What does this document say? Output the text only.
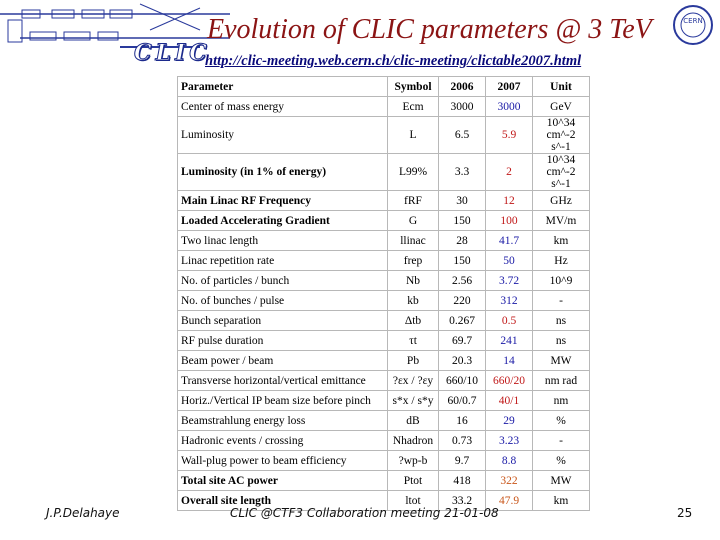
CLIC
Evolution of CLIC parameters @ 3 TeV
http://clic-meeting.web.cern.ch/clic-meeting/clictable2007.html
CERN
Parameter	Symbol	2006	2007	Unit
Center of mass energy	Ecm	3000	3000	GeV
Luminosity	L	6.5	5.9	10^34 cm^-2 s^-1
Luminosity (in 1% of energy)	L99%	3.3	2	10^34 cm^-2 s^-1
Main Linac RF Frequency	fRF	30	12	GHz
Loaded Accelerating Gradient	G	150	100	MV/m
Two linac length	llinac	28	41.7	km
Linac repetition rate	frep	150	50	Hz
No. of particles / bunch	Nb	2.56	3.72	10^9
No. of bunches / pulse	kb	220	312	-
Bunch separation	Δtb	0.267	0.5	ns
RF pulse duration	τt	69.7	241	ns
Beam power / beam	Pb	20.3	14	MW
Transverse horizontal/vertical emittance	?εx / ?εy	660/10	660/20	nm rad
Horiz./Vertical IP beam size before pinch	s*x / s*y	60/0.7	40/1	nm
Beamstrahlung energy loss	dB	16	29	%
Hadronic events / crossing	Nhadron	0.73	3.23	-
Wall-plug power to beam efficiency	?wp-b	9.7	8.8	%
Total site AC power	Ptot	418	322	MW
Overall site length	ltot	33.2	47.9	km
J.P.Delahaye	CLIC @CTF3 Collaboration meeting 21-01-08	25
